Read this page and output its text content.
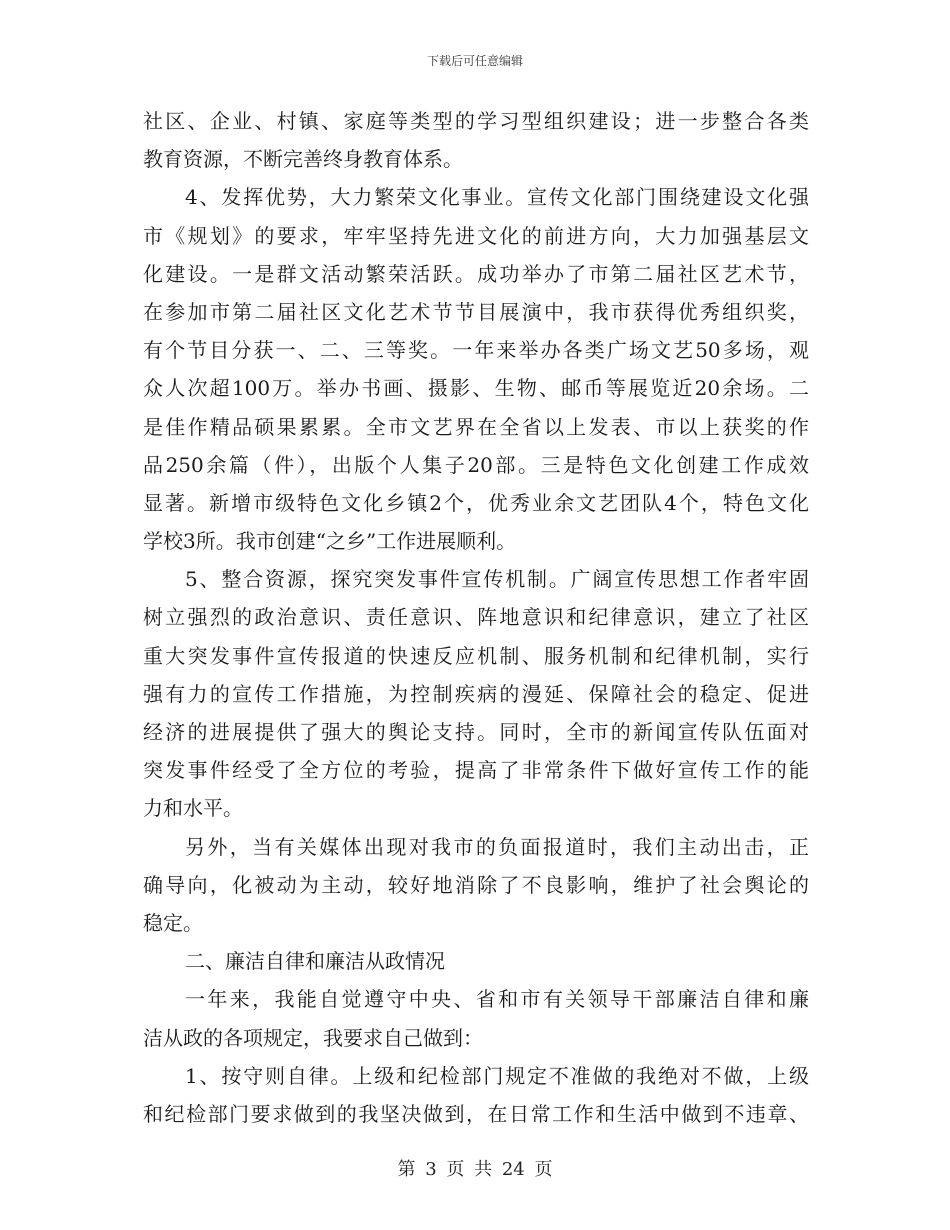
下载后可任意编辑
社区、企业、村镇、家庭等类型的学习型组织建设；进一步整合各类
教育资源，不断完善终身教育体系。
4、发挥优势，大力繁荣文化事业。宣传文化部门围绕建设文化强
市《规划》的要求，牢牢坚持先进文化的前进方向，大力加强基层文
化建设。一是群文活动繁荣活跃。成功举办了市第二届社区艺术节，
在参加市第二届社区文化艺术节节目展演中，我市获得优秀组织奖，
有个节目分获一、二、三等奖。一年来举办各类广场文艺50多场，观
众人次超100万。举办书画、摄影、生物、邮币等展览近20余场。二
是佳作精品硕果累累。全市文艺界在全省以上发表、市以上获奖的作
品250余篇（件），出版个人集子20部。三是特色文化创建工作成效
显著。新增市级特色文化乡镇2个，优秀业余文艺团队4个，特色文化
学校3所。我市创建“之乡”工作进展顺利。
5、整合资源，探究突发事件宣传机制。广阔宣传思想工作者牢固
树立强烈的政治意识、责任意识、阵地意识和纪律意识，建立了社区
重大突发事件宣传报道的快速反应机制、服务机制和纪律机制，实行
强有力的宣传工作措施，为控制疾病的漫延、保障社会的稳定、促进
经济的进展提供了强大的舆论支持。同时，全市的新闻宣传队伍面对
突发事件经受了全方位的考验，提高了非常条件下做好宣传工作的能
力和水平。
另外，当有关媒体出现对我市的负面报道时，我们主动出击，正
确导向，化被动为主动，较好地消除了不良影响，维护了社会舆论的
稳定。
二、廉洁自律和廉洁从政情况
一年来，我能自觉遵守中央、省和市有关领导干部廉洁自律和廉
洁从政的各项规定，我要求自己做到：
1、按守则自律。上级和纪检部门规定不准做的我绝对不做，上级
和纪检部门要求做到的我坚决做到，在日常工作和生活中做到不违章、
第 3 页 共 24 页
